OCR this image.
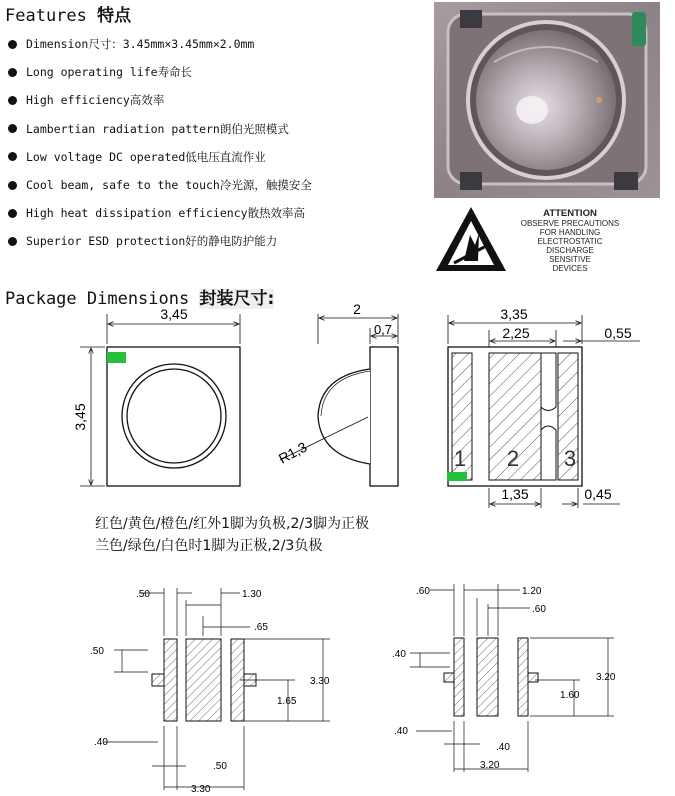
Features 特点
Dimension 尺寸：3.45mm×3.45mm×2.0mm
Long operating life 寿命长
High efficiency 高效率
Lambertian radiation pattern 朗伯光照模式
Low voltage DC operated 低电压直流作业
Cool beam, safe to the touch 冷光源，触摸安全
High heat dissipation efficiency 散热效率高
Superior ESD protection 好的静电防护能力
ATTENTION
OBSERVE PRECAUTIONS
FOR HANDLING
ELECTROSTATIC
DISCHARGE
SENSITIVE
DEVICES
Package Dimensions 封装尺寸:
3,45
3,45
2
0,7
R1,3
3,35
2,25	0,55
1 2 3
1,35	0,45
红色/黄色/橙色/红外1脚为负极,2/3脚为正极
兰色/绿色/白色时1脚为正极,2/3负极
.50	1.30
.65
.50
3.30
1.65
.40
.50
3.30
.60	1.20
.60
.40
3.20
1.60
.40
.40
3.20
